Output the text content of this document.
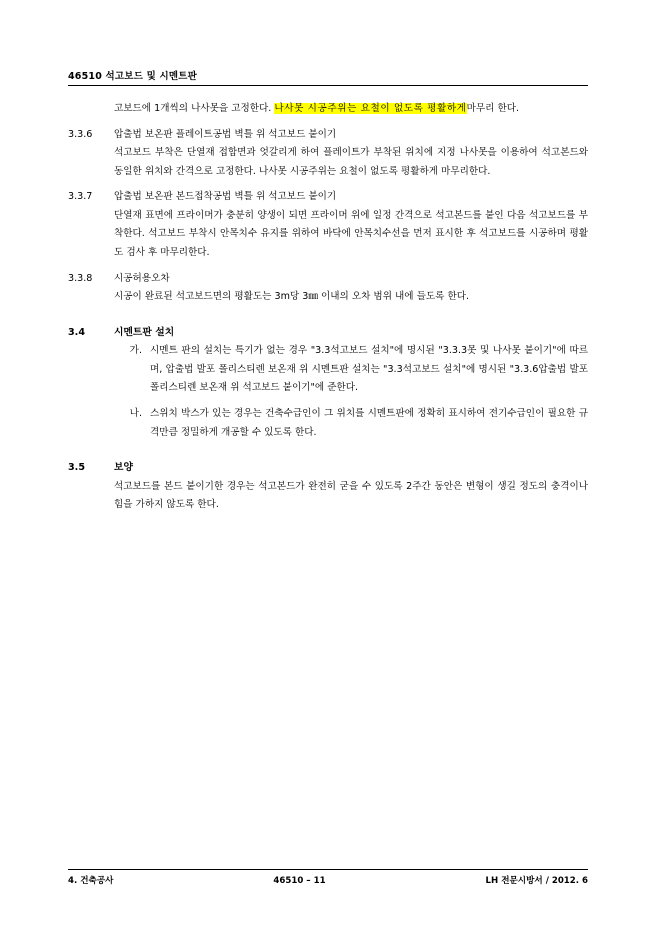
46510 석고보드 및 시멘트판
고보드에 1개씩의 나사못을 고정한다. 나사못 시공주위는 요철이 없도록 평활하게마무리 한다.
3.3.6	압출법 보온판 플레이트공법 벽틀 위 석고보드 붙이기
석고보드 부착은 단열재 접합면과 엇갈리게 하여 플레이트가 부착된 위치에 지정 나사못을 이용하여 석고본드와 동일한 위치와 간격으로 고정한다. 나사못 시공주위는 요철이 없도록 평활하게 마무리한다.
3.3.7	압출법 보온판 본드접착공법 벽틀 위 석고보드 붙이기
단열재 표면에 프라이머가 충분히 양생이 되면 프라이머 위에 일정 간격으로 석고본드를 붙인 다음 석고보드를 부착한다. 석고보드 부착시 안목치수 유지를 위하여 바닥에 안목치수선을 먼저 표시한 후 석고보드를 시공하며 평활도 검사 후 마무리한다.
3.3.8	시공허용오차
시공이 완료된 석고보드면의 평활도는 3m당 3㎜ 이내의 오차 범위 내에 들도록 한다.
3.4	시멘트판 설치
가. 시멘트 판의 설치는 특기가 없는 경우 "3.3석고보드 설치"에 명시된 "3.3.3못 및 나사못 붙이기"에 따르며, 압출법 발포 폴리스티렌 보온재 위 시멘트판 설치는 "3.3석고보드 설치"에 명시된 "3.3.6압출법 발포 폴리스티렌 보온재 위 석고보드 붙이기"에 준한다.
나. 스위치 박스가 있는 경우는 건축수급인이 그 위치를 시멘트판에 정확히 표시하여 전기수급인이 필요한 규격만큼 정밀하게 개공할 수 있도록 한다.
3.5	보양
석고보드를 본드 붙이기한 경우는 석고본드가 완전히 굳을 수 있도록 2주간 동안은 변형이 생길 정도의 충격이나 힘을 가하지 않도록 한다.
4. 건축공사	46510 – 11	LH 전문시방서 / 2012. 6
